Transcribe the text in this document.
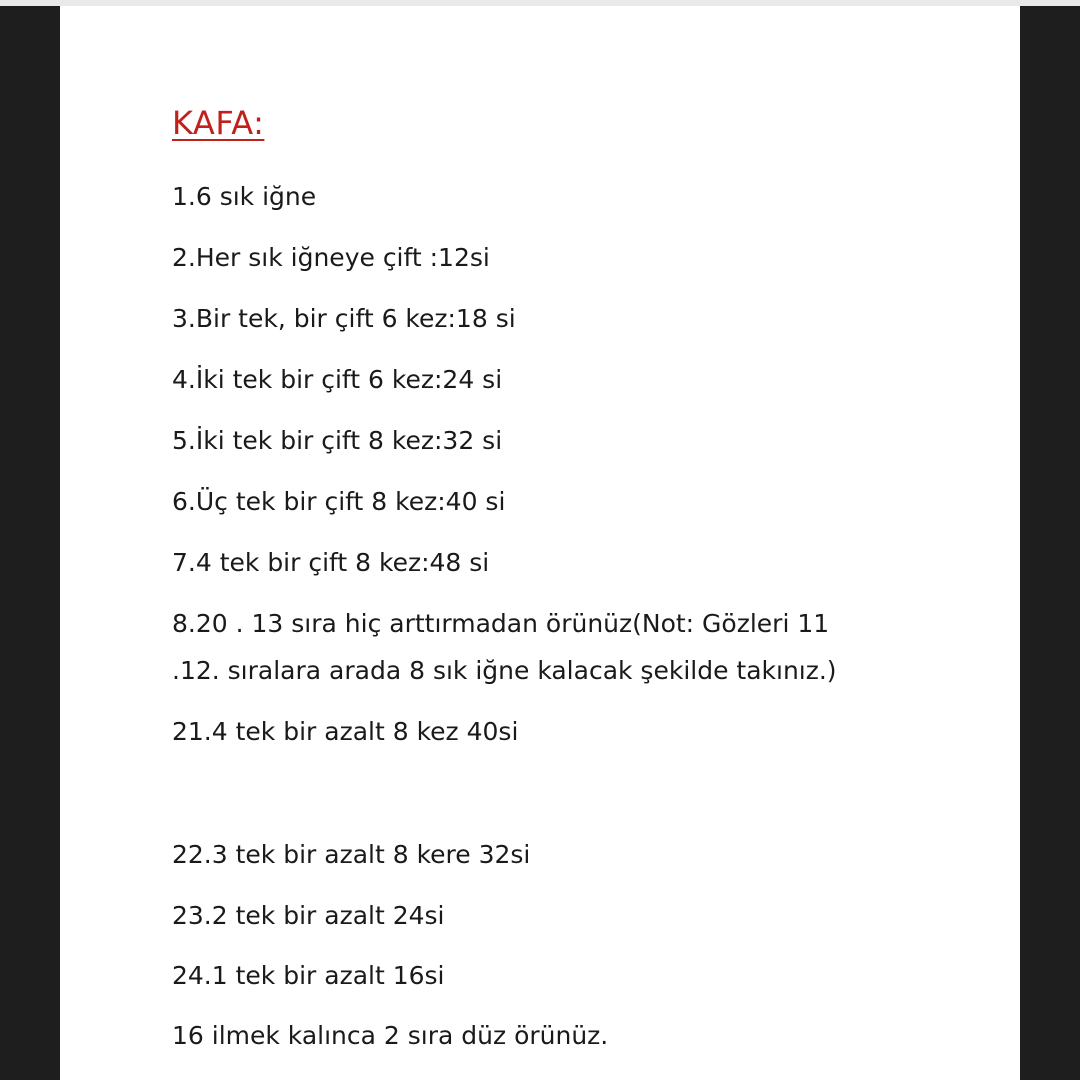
KAFA:

1.6 sık iğne

2.Her sık iğneye çift :12si

3.Bir tek, bir çift 6 kez:18 si

4.İki tek bir çift 6 kez:24 si

5.İki tek bir çift 8 kez:32 si

6.Üç tek bir çift 8 kez:40 si

7.4 tek bir çift 8 kez:48 si

8.20 . 13 sıra hiç arttırmadan örünüz(Not: Gözleri 11

.12. sıralara arada 8 sık iğne kalacak şekilde takınız.)

21.4 tek bir azalt 8 kez 40si

22.3 tek bir azalt 8 kere 32si

23.2 tek bir azalt 24si

24.1 tek bir azalt 16si

16 ilmek kalınca 2 sıra düz örünüz.
